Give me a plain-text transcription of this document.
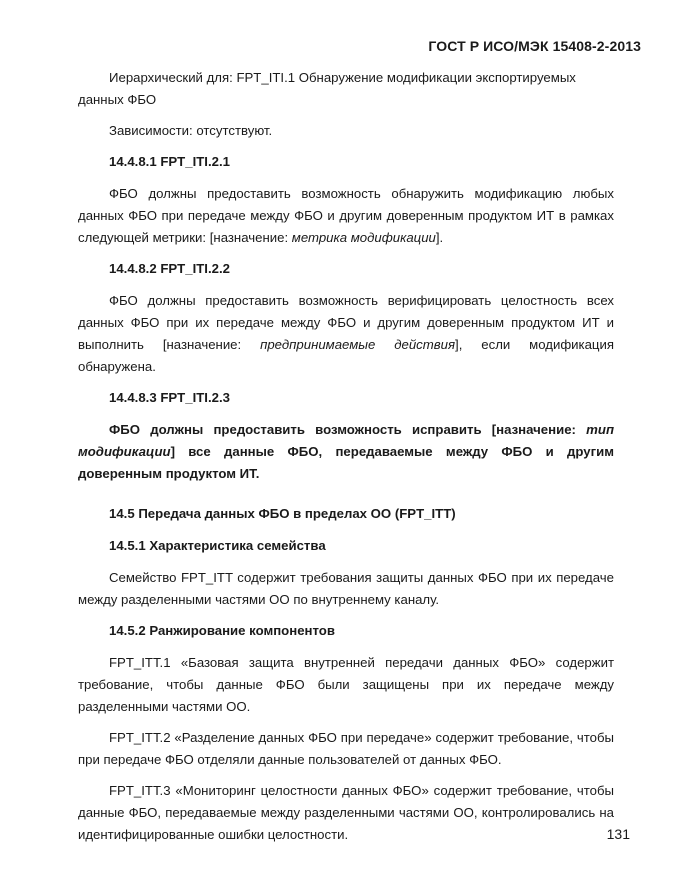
ГОСТ Р ИСО/МЭК 15408-2-2013

Иерархический для: FPT_ITI.1 Обнаружение модификации экспортируемых данных ФБО

Зависимости: отсутствуют.

14.4.8.1 FPT_ITI.2.1

ФБО должны предоставить возможность обнаружить модификацию любых данных ФБО при передаче между ФБО и другим доверенным продуктом ИТ в рамках следующей метрики: [назначение: метрика модификации].

14.4.8.2 FPT_ITI.2.2

ФБО должны предоставить возможность верифицировать целостность всех данных ФБО при их передаче между ФБО и другим доверенным продуктом ИТ и выполнить [назначение: предпринимаемые действия], если модификация обнаружена.

14.4.8.3 FPT_ITI.2.3

ФБО должны предоставить возможность исправить [назначение: тип модификации] все данные ФБО, передаваемые между ФБО и другим доверенным продуктом ИТ.

14.5 Передача данных ФБО в пределах ОО (FPT_ITT)
14.5.1 Характеристика семейства

Семейство FPT_ITT содержит требования защиты данных ФБО при их передаче между разделенными частями ОО по внутреннему каналу.

14.5.2 Ранжирование компонентов

FPT_ITT.1 «Базовая защита внутренней передачи данных ФБО» содержит требование, чтобы данные ФБО были защищены при их передаче между разделенными частями ОО.

FPT_ITT.2 «Разделение данных ФБО при передаче» содержит требование, чтобы при передаче ФБО отделяли данные пользователей от данных ФБО.

FPT_ITT.3 «Мониторинг целостности данных ФБО» содержит требование, чтобы данные ФБО, передаваемые между разделенными частями ОО, контролировались на идентифицированные ошибки целостности.	131
